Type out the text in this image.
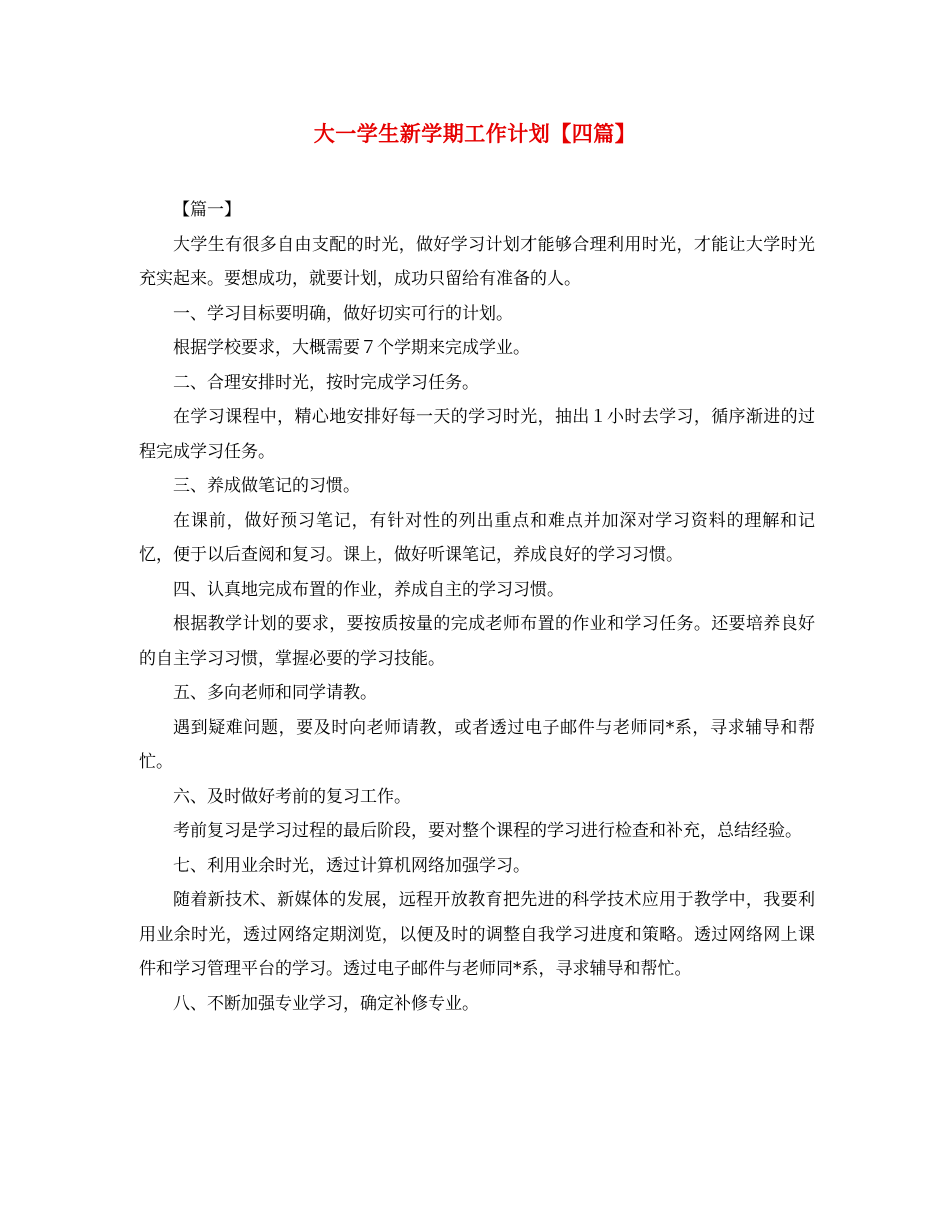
大一学生新学期工作计划【四篇】

【篇一】

大学生有很多自由支配的时光，做好学习计划才能够合理利用时光，才能让大学时光充实起来。要想成功，就要计划，成功只留给有准备的人。

一、学习目标要明确，做好切实可行的计划。

根据学校要求，大概需要７个学期来完成学业。

二、合理安排时光，按时完成学习任务。

在学习课程中，精心地安排好每一天的学习时光，抽出１小时去学习，循序渐进的过程完成学习任务。

三、养成做笔记的习惯。

在课前，做好预习笔记，有针对性的列出重点和难点并加深对学习资料的理解和记忆，便于以后查阅和复习。课上，做好听课笔记，养成良好的学习习惯。

四、认真地完成布置的作业，养成自主的学习习惯。

根据教学计划的要求，要按质按量的完成老师布置的作业和学习任务。还要培养良好的自主学习习惯，掌握必要的学习技能。

五、多向老师和同学请教。

遇到疑难问题，要及时向老师请教，或者透过电子邮件与老师同*系，寻求辅导和帮忙。

六、及时做好考前的复习工作。

考前复习是学习过程的最后阶段，要对整个课程的学习进行检查和补充，总结经验。

七、利用业余时光，透过计算机网络加强学习。

随着新技术、新媒体的发展，远程开放教育把先进的科学技术应用于教学中，我要利用业余时光，透过网络定期浏览，以便及时的调整自我学习进度和策略。透过网络网上课件和学习管理平台的学习。透过电子邮件与老师同*系，寻求辅导和帮忙。

八、不断加强专业学习，确定补修专业。
